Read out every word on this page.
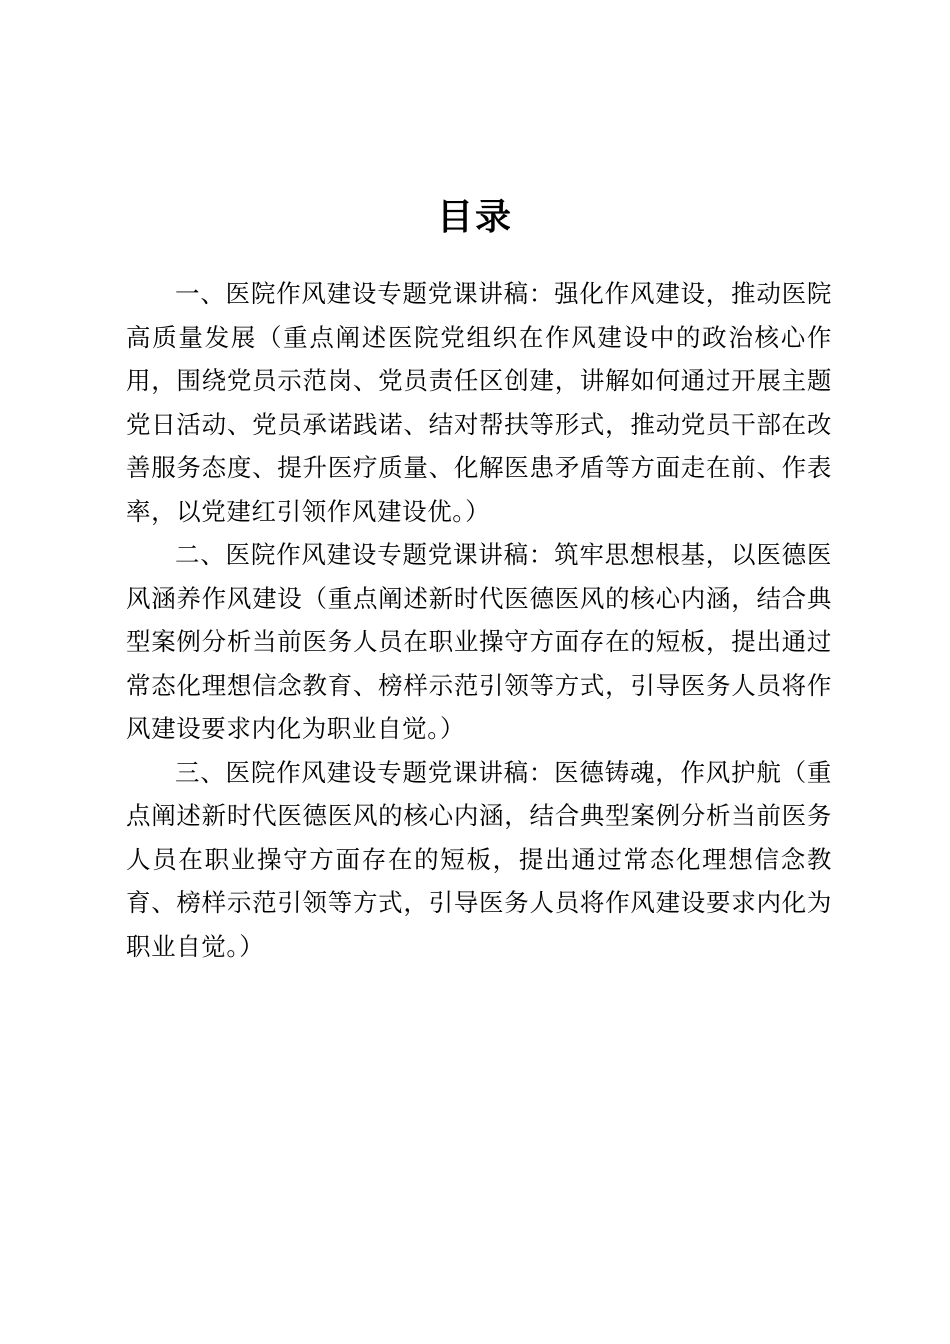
目录

一、医院作风建设专题党课讲稿：强化作风建设，推动医院高质量发展（重点阐述医院党组织在作风建设中的政治核心作用，围绕党员示范岗、党员责任区创建，讲解如何通过开展主题党日活动、党员承诺践诺、结对帮扶等形式，推动党员干部在改善服务态度、提升医疗质量、化解医患矛盾等方面走在前、作表率，以党建红引领作风建设优。）

二、医院作风建设专题党课讲稿：筑牢思想根基，以医德医风涵养作风建设（重点阐述新时代医德医风的核心内涵，结合典型案例分析当前医务人员在职业操守方面存在的短板，提出通过常态化理想信念教育、榜样示范引领等方式，引导医务人员将作风建设要求内化为职业自觉。）

三、医院作风建设专题党课讲稿：医德铸魂，作风护航（重点阐述新时代医德医风的核心内涵，结合典型案例分析当前医务人员在职业操守方面存在的短板，提出通过常态化理想信念教育、榜样示范引领等方式，引导医务人员将作风建设要求内化为职业自觉。）
